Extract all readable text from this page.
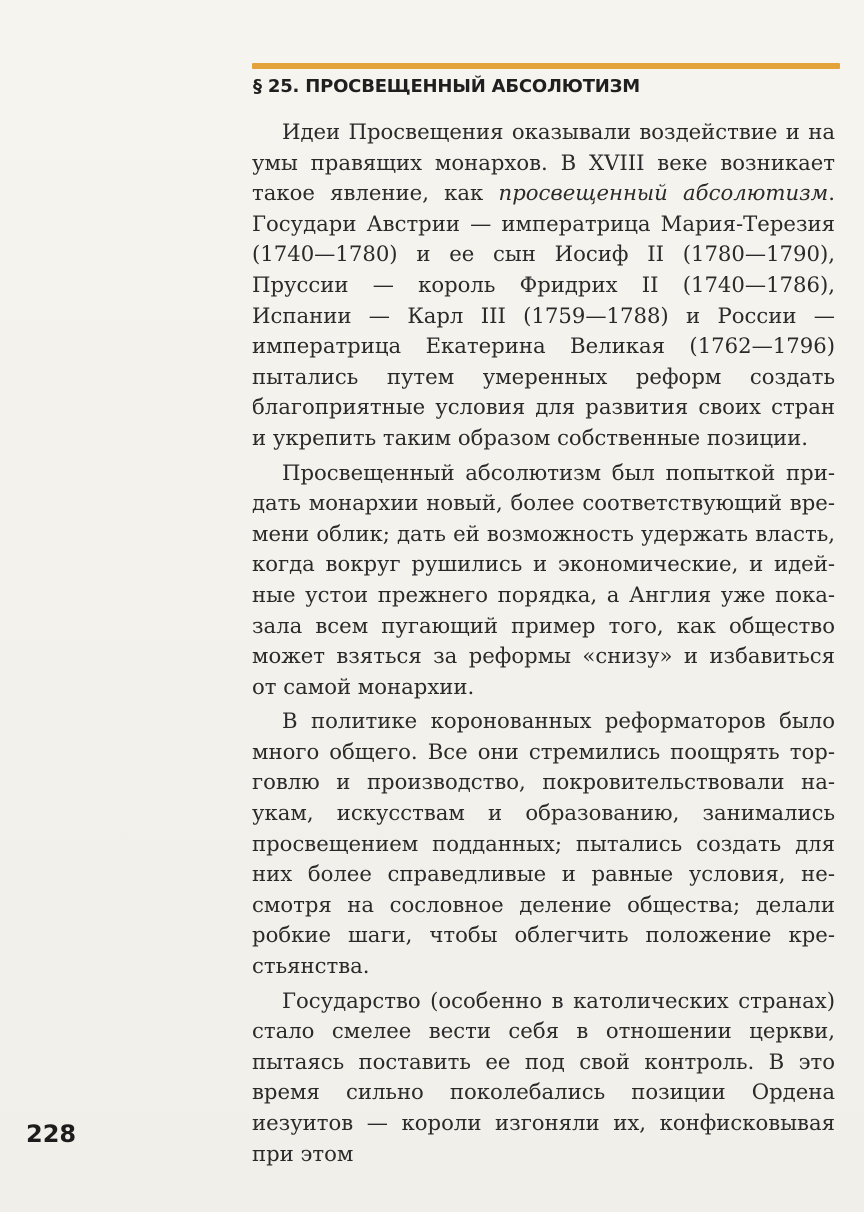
§ 25. ПРОСВЕЩЕННЫЙ АБСОЛЮТИЗМ

Идеи Просвещения оказывали воздействие и на умы правящих монархов. В XVIII веке возникает такое явление, как просвещенный абсолютизм. Государи Австрии — императрица Мария-Терезия (1740—1780) и ее сын Иосиф II (1780—1790), Пруссии — король Фридрих II (1740—1786), Испании — Карл III (1759—1788) и России — императрица Екатерина Великая (1762—1796) пытались путем умеренных реформ создать благоприятные условия для развития своих стран и укрепить таким образом собственные позиции.

Просвещенный абсолютизм был попыткой придать монархии новый, более соответствующий времени облик; дать ей возможность удержать власть, когда вокруг рушились и экономические, и идейные устои прежнего порядка, а Англия уже показала всем пугающий пример того, как общество может взяться за реформы «снизу» и избавиться от самой монархии.

В политике коронованных реформаторов было много общего. Все они стремились поощрять торговлю и производство, покровительствовали наукам, искусствам и образованию, занимались просвещением подданных; пытались создать для них более справедливые и равные условия, несмотря на сословное деление общества; делали робкие шаги, чтобы облегчить положение крестьянства.

Государство (особенно в католических странах) стало смелее вести себя в отношении церкви, пытаясь поставить ее под свой контроль. В это время сильно поколебались позиции Ордена иезуитов — короли изгоняли их, конфисковывая при этом

228
